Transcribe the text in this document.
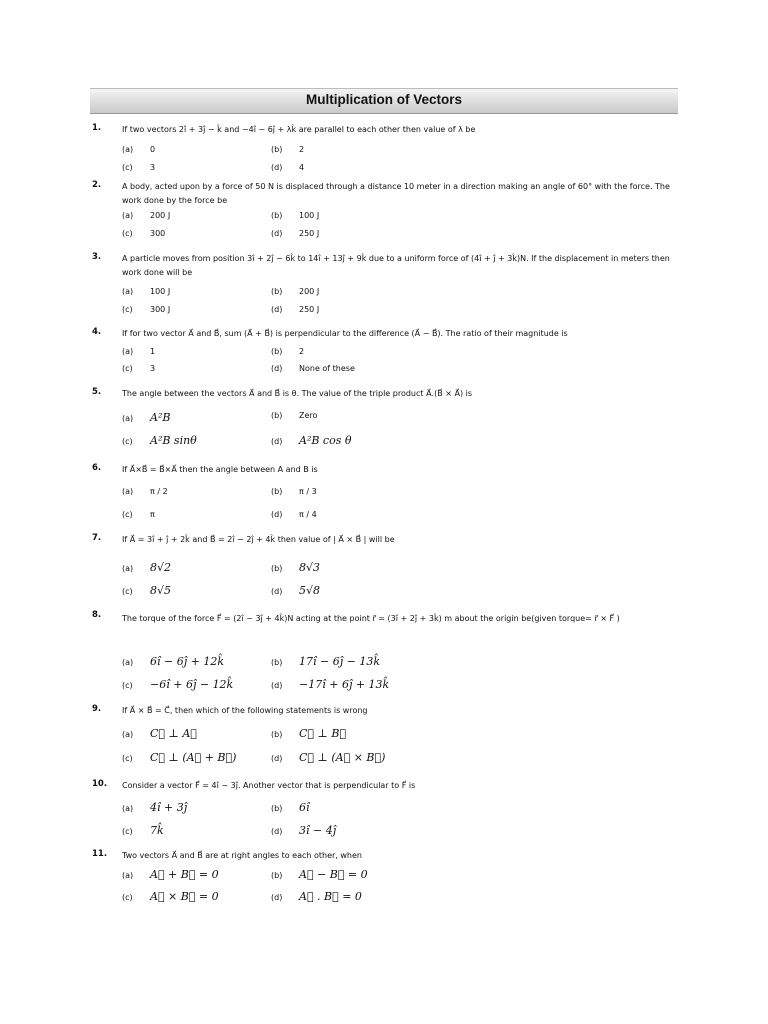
Multiplication of Vectors
1.	If two vectors 2î + 3ĵ − k̂ and −4î − 6ĵ + λk̂ are parallel to each other then value of λ be
(a) 0	(b) 2
(c) 3	(d) 4
2.	A body, acted upon by a force of 50 N is displaced through a distance 10 meter in a direction making an angle of 60° with the force. The work done by the force be
(a) 200 J	(b) 100 J
(c) 300	(d) 250 J
3.	A particle moves from position 3î + 2ĵ − 6k̂ to 14î + 13ĵ + 9k̂ due to a uniform force of (4î + ĵ + 3k̂)N. If the displacement in meters then work done will be
(a) 100 J	(b) 200 J
(c) 300 J	(d) 250 J
4.	If for two vector A⃗ and B⃗, sum (A⃗ + B⃗) is perpendicular to the difference (A⃗ − B⃗). The ratio of their magnitude is
(a) 1	(b) 2
(c) 3	(d) None of these
5.	The angle between the vectors A⃗ and B⃗ is θ. The value of the triple product A⃗.(B⃗ × A⃗) is
(a) A²B	(b) Zero
(c) A²B sinθ	(d) A²B cos θ
6.	If A⃗×B⃗ = B⃗×A⃗ then the angle between A and B is
(a) π / 2	(b) π / 3
(c) π	(d) π / 4
7.	If A⃗ = 3î + ĵ + 2k̂ and B⃗ = 2î − 2ĵ + 4k̂ then value of | A⃗ × B⃗ | will be
(a) 8√2	(b) 8√3
(c) 8√5	(d) 5√8
8.	The torque of the force F⃗ = (2î − 3ĵ + 4k̂)N acting at the point r⃗ = (3î + 2ĵ + 3k̂) m about the origin be(given torque= r⃗ × F⃗ )
(a) 6î − 6ĵ + 12k̂	(b) 17î − 6ĵ − 13k̂
(c) −6î + 6ĵ − 12k̂	(d) −17î + 6ĵ + 13k̂
9.	If A⃗ × B⃗ = C⃗, then which of the following statements is wrong
(a) C⃗ ⊥ A⃗	(b) C⃗ ⊥ B⃗
(c) C⃗ ⊥ (A⃗ + B⃗)	(d) C⃗ ⊥ (A⃗ × B⃗)
10.	Consider a vector F⃗ = 4î − 3ĵ. Another vector that is perpendicular to F⃗ is
(a) 4î + 3ĵ	(b) 6î
(c) 7k̂	(d) 3î − 4ĵ
11.	Two vectors A⃗ and B⃗ are at right angles to each other, when
(a) A⃗ + B⃗ = 0	(b) A⃗ − B⃗ = 0
(c) A⃗ × B⃗ = 0	(d) A⃗ . B⃗ = 0
